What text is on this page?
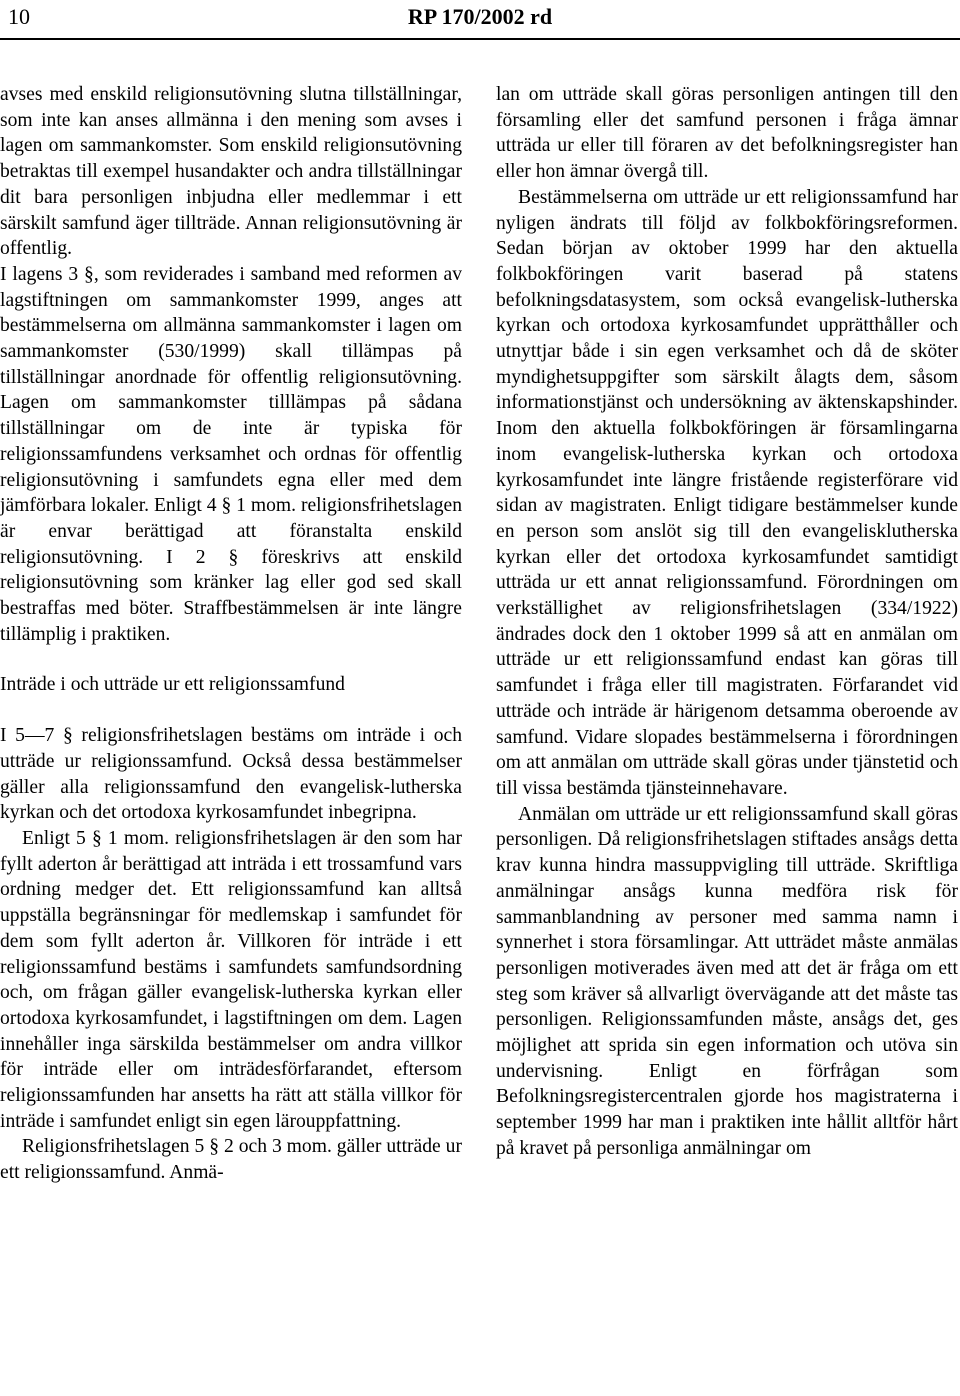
10	RP 170/2002 rd

avses med enskild religionsutövning slutna tillställningar, som inte kan anses allmänna i den mening som avses i lagen om sammankomster. Som enskild religionsutövning betraktas till exempel husandakter och andra tillställningar dit bara personligen inbjudna eller medlemmar i ett särskilt samfund äger tillträde. Annan religionsutövning är offentlig.

I lagens 3 §, som reviderades i samband med reformen av lagstiftningen om sammankomster 1999, anges att bestämmelserna om allmänna sammankomster i lagen om sammankomster (530/1999) skall tillämpas på tillställningar anordnade för offentlig religionsutövning. Lagen om sammankomster tilllämpas på sådana tillställningar om de inte är typiska för religionssamfundens verksamhet och ordnas för offentlig religionsutövning i samfundets egna eller med dem jämförbara lokaler. Enligt 4 § 1 mom. religionsfrihetslagen är envar berättigad att föranstalta enskild religionsutövning. I 2 § föreskrivs att enskild religionsutövning som kränker lag eller god sed skall bestraffas med böter. Straffbestämmelsen är inte längre tillämplig i praktiken.

Inträde i och utträde ur ett religionssamfund

I 5—7 § religionsfrihetslagen bestäms om inträde i och utträde ur religionssamfund. Också dessa bestämmelser gäller alla religionssamfund den evangelisk-lutherska kyrkan och det ortodoxa kyrkosamfundet inbegripna.

Enligt 5 § 1 mom. religionsfrihetslagen är den som har fyllt aderton år berättigad att inträda i ett trossamfund vars ordning medger det. Ett religionssamfund kan alltså uppställa begränsningar för medlemskap i samfundet för dem som fyllt aderton år. Villkoren för inträde i ett religionssamfund bestäms i samfundets samfundsordning och, om frågan gäller evangelisk-lutherska kyrkan eller ortodoxa kyrkosamfundet, i lagstiftningen om dem. Lagen innehåller inga särskilda bestämmelser om andra villkor för inträde eller om inträdesförfarandet, eftersom religionssamfunden har ansetts ha rätt att ställa villkor för inträde i samfundet enligt sin egen lärouppfattning.

Religionsfrihetslagen 5 § 2 och 3 mom. gäller utträde ur ett religionssamfund. Anmä-

lan om utträde skall göras personligen antingen till den församling eller det samfund personen i fråga ämnar utträda ur eller till föraren av det befolkningsregister han eller hon ämnar övergå till.

Bestämmelserna om utträde ur ett religionssamfund har nyligen ändrats till följd av folkbokföringsreformen. Sedan början av oktober 1999 har den aktuella folkbokföringen varit baserad på statens befolkningsdatasystem, som också evangelisk-lutherska kyrkan och ortodoxa kyrkosamfundet upprätthåller och utnyttjar både i sin egen verksamhet och då de sköter myndighetsuppgifter som särskilt ålagts dem, såsom informationstjänst och undersökning av äktenskapshinder. Inom den aktuella folkbokföringen är församlingarna inom evangelisk-lutherska kyrkan och ortodoxa kyrkosamfundet inte längre fristående registerförare vid sidan av magistraten. Enligt tidigare bestämmelser kunde en person som anslöt sig till den evangelisklutherska kyrkan eller det ortodoxa kyrkosamfundet samtidigt utträda ur ett annat religionssamfund. Förordningen om verkställighet av religionsfrihetslagen (334/1922) ändrades dock den 1 oktober 1999 så att en anmälan om utträde ur ett religionssamfund endast kan göras till samfundet i fråga eller till magistraten. Förfarandet vid utträde och inträde är härigenom detsamma oberoende av samfund. Vidare slopades bestämmelserna i förordningen om att anmälan om utträde skall göras under tjänstetid och till vissa bestämda tjänsteinnehavare.

Anmälan om utträde ur ett religionssamfund skall göras personligen. Då religionsfrihetslagen stiftades ansågs detta krav kunna hindra massuppvigling till utträde. Skriftliga anmälningar ansågs kunna medföra risk för sammanblandning av personer med samma namn i synnerhet i stora församlingar. Att utträdet måste anmälas personligen motiverades även med att det är fråga om ett steg som kräver så allvarligt övervägande att det måste tas personligen. Religionssamfunden måste, ansågs det, ges möjlighet att sprida sin egen information och utöva sin undervisning. Enligt en förfrågan som Befolkningsregistercentralen gjorde hos magistraterna i september 1999 har man i praktiken inte hållit alltför hårt på kravet på personliga anmälningar om
